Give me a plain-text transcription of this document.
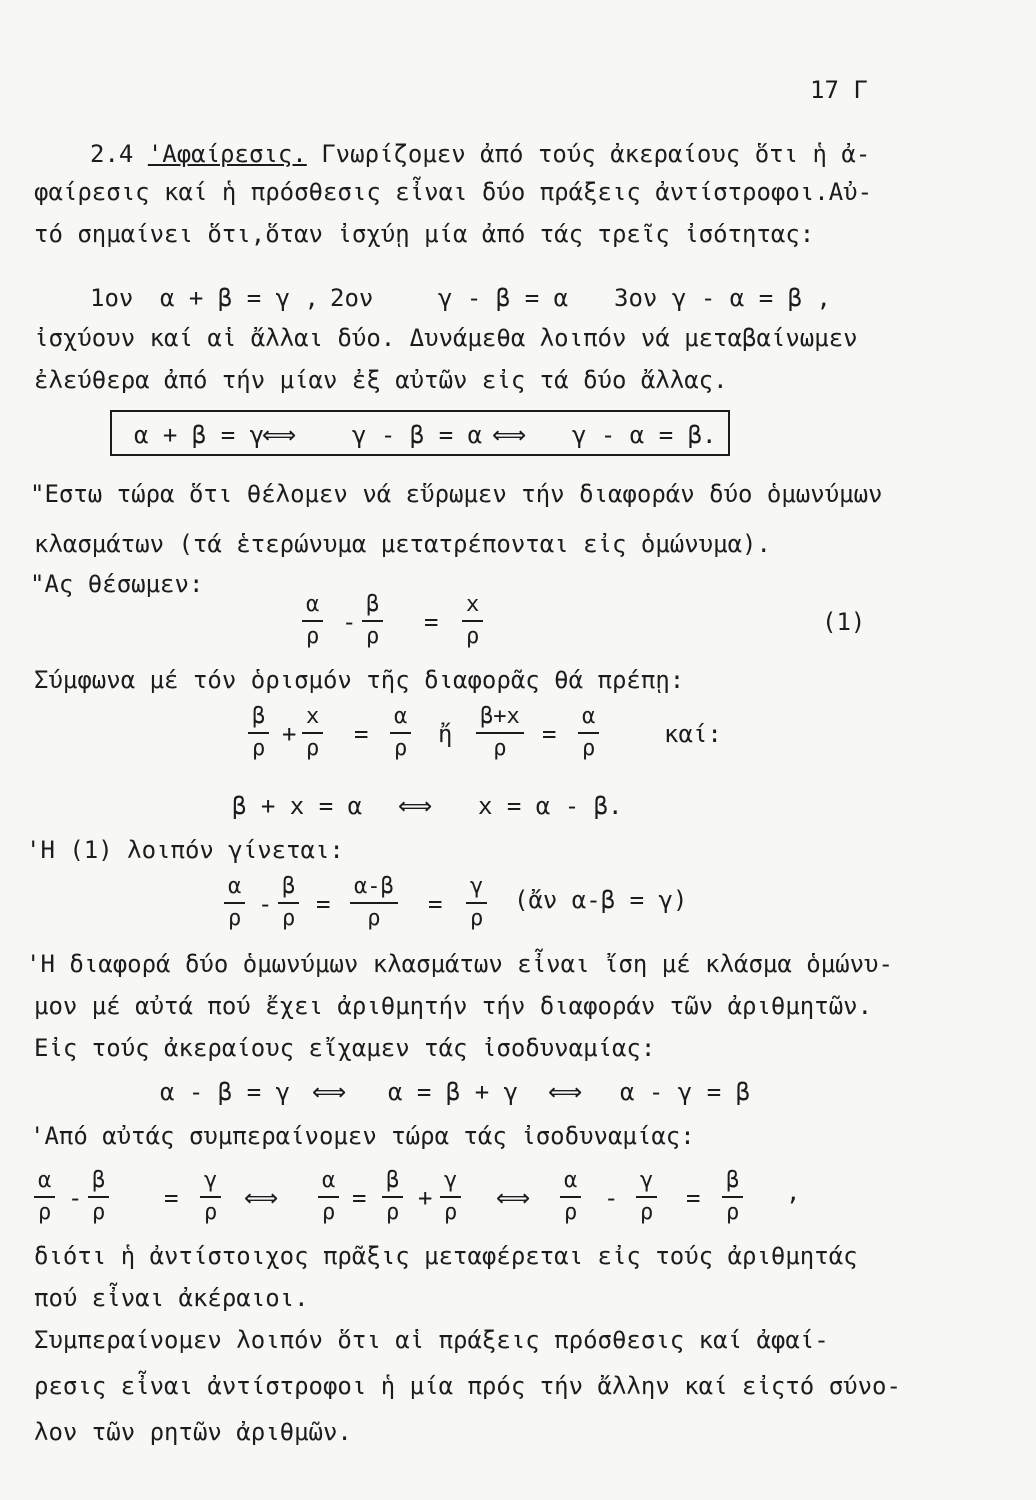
17 Γ
2.4 'Αφαίρεσις. Γνωρίζομεν ἀπό τούς ἀκεραίους ὅτι ἡ ἀ-
φαίρεσις καί ἡ πρόσθεσις εἶναι δύο πράξεις ἀντίστροφοι.Αὐ-
τό σημαίνει ὅτι,ὅταν ἰσχύῃ μία ἀπό τάς τρεῖς ἰσότητας:
1ον α + β = γ , 2ον	γ - β = α 3ον γ - α = β ,
ἰσχύουν καί αἱ ἄλλαι δύο. Δυνάμεθα λοιπόν νά μεταβαίνωμεν
ἐλεύθερα ἀπό τήν μίαν ἐξ αὐτῶν εἰς τά δύο ἄλλας.
α + β = γ
⟺ γ - β = α ⟺ γ - α = β.
"Εστω τώρα ὅτι θέλομεν νά εὕρωμεν τήν διαφοράν δύο ὁμωνύμων
κλασμάτων (τά ἑτερώνυμα μετατρέπονται εἰς ὁμώνυμα).
"Ας θέσωμεν:
$\frac{\alpha}{\rho} - \frac{\beta}{\rho} = \frac{x}{\rho}$	(1)
Σύμφωνα μέ τόν ὁρισμόν τῆς διαφορᾶς θά πρέπῃ:
$\frac{\beta}{\rho} + \frac{x}{\rho} = \frac{\alpha}{\rho}$ ἤ $\frac{\beta+x}{\rho} = \frac{\alpha}{\rho}$	καί:
β + x = α ⟺ x = α - β.
'Η (1) λοιπόν γίνεται:
$\frac{\alpha}{\rho} - \frac{\beta}{\rho} = \frac{\alpha-\beta}{\rho} = \frac{\gamma}{\rho}$ (ἄν α-β = γ)
'Η διαφορά δύο ὁμωνύμων κλασμάτων εἶναι ἴση μέ κλάσμα ὁμώνυ-
μον μέ αὐτά πού ἔχει ἀριθμητήν τήν διαφοράν τῶν ἀριθμητῶν.
Εἰς τούς ἀκεραίους εἴχαμεν τάς ἰσοδυναμίας:
α - β = γ ⟺ α = β + γ ⟺ α - γ = β
'Από αὐτάς συμπεραίνομεν τώρα τάς ἰσοδυναμίας:
$\frac{\alpha}{\rho} - \frac{\beta}{\rho} = \frac{\gamma}{\rho}$ ⟺ $\frac{\alpha}{\rho} = \frac{\beta}{\rho} + \frac{\gamma}{\rho}$ ⟺ $\frac{\alpha}{\rho} - \frac{\gamma}{\rho} = \frac{\beta}{\rho}$ ,
διότι ἡ ἀντίστοιχος πρᾶξις μεταφέρεται εἰς τούς ἀριθμητάς
πού εἶναι ἀκέραιοι.
Συμπεραίνομεν λοιπόν ὅτι αἱ πράξεις πρόσθεσις καί ἀφαί-
ρεσις εἶναι ἀντίστροφοι ἡ μία πρός τήν ἄλλην καί εἰςτό σύνο-
λον τῶν ρητῶν ἀριθμῶν.
